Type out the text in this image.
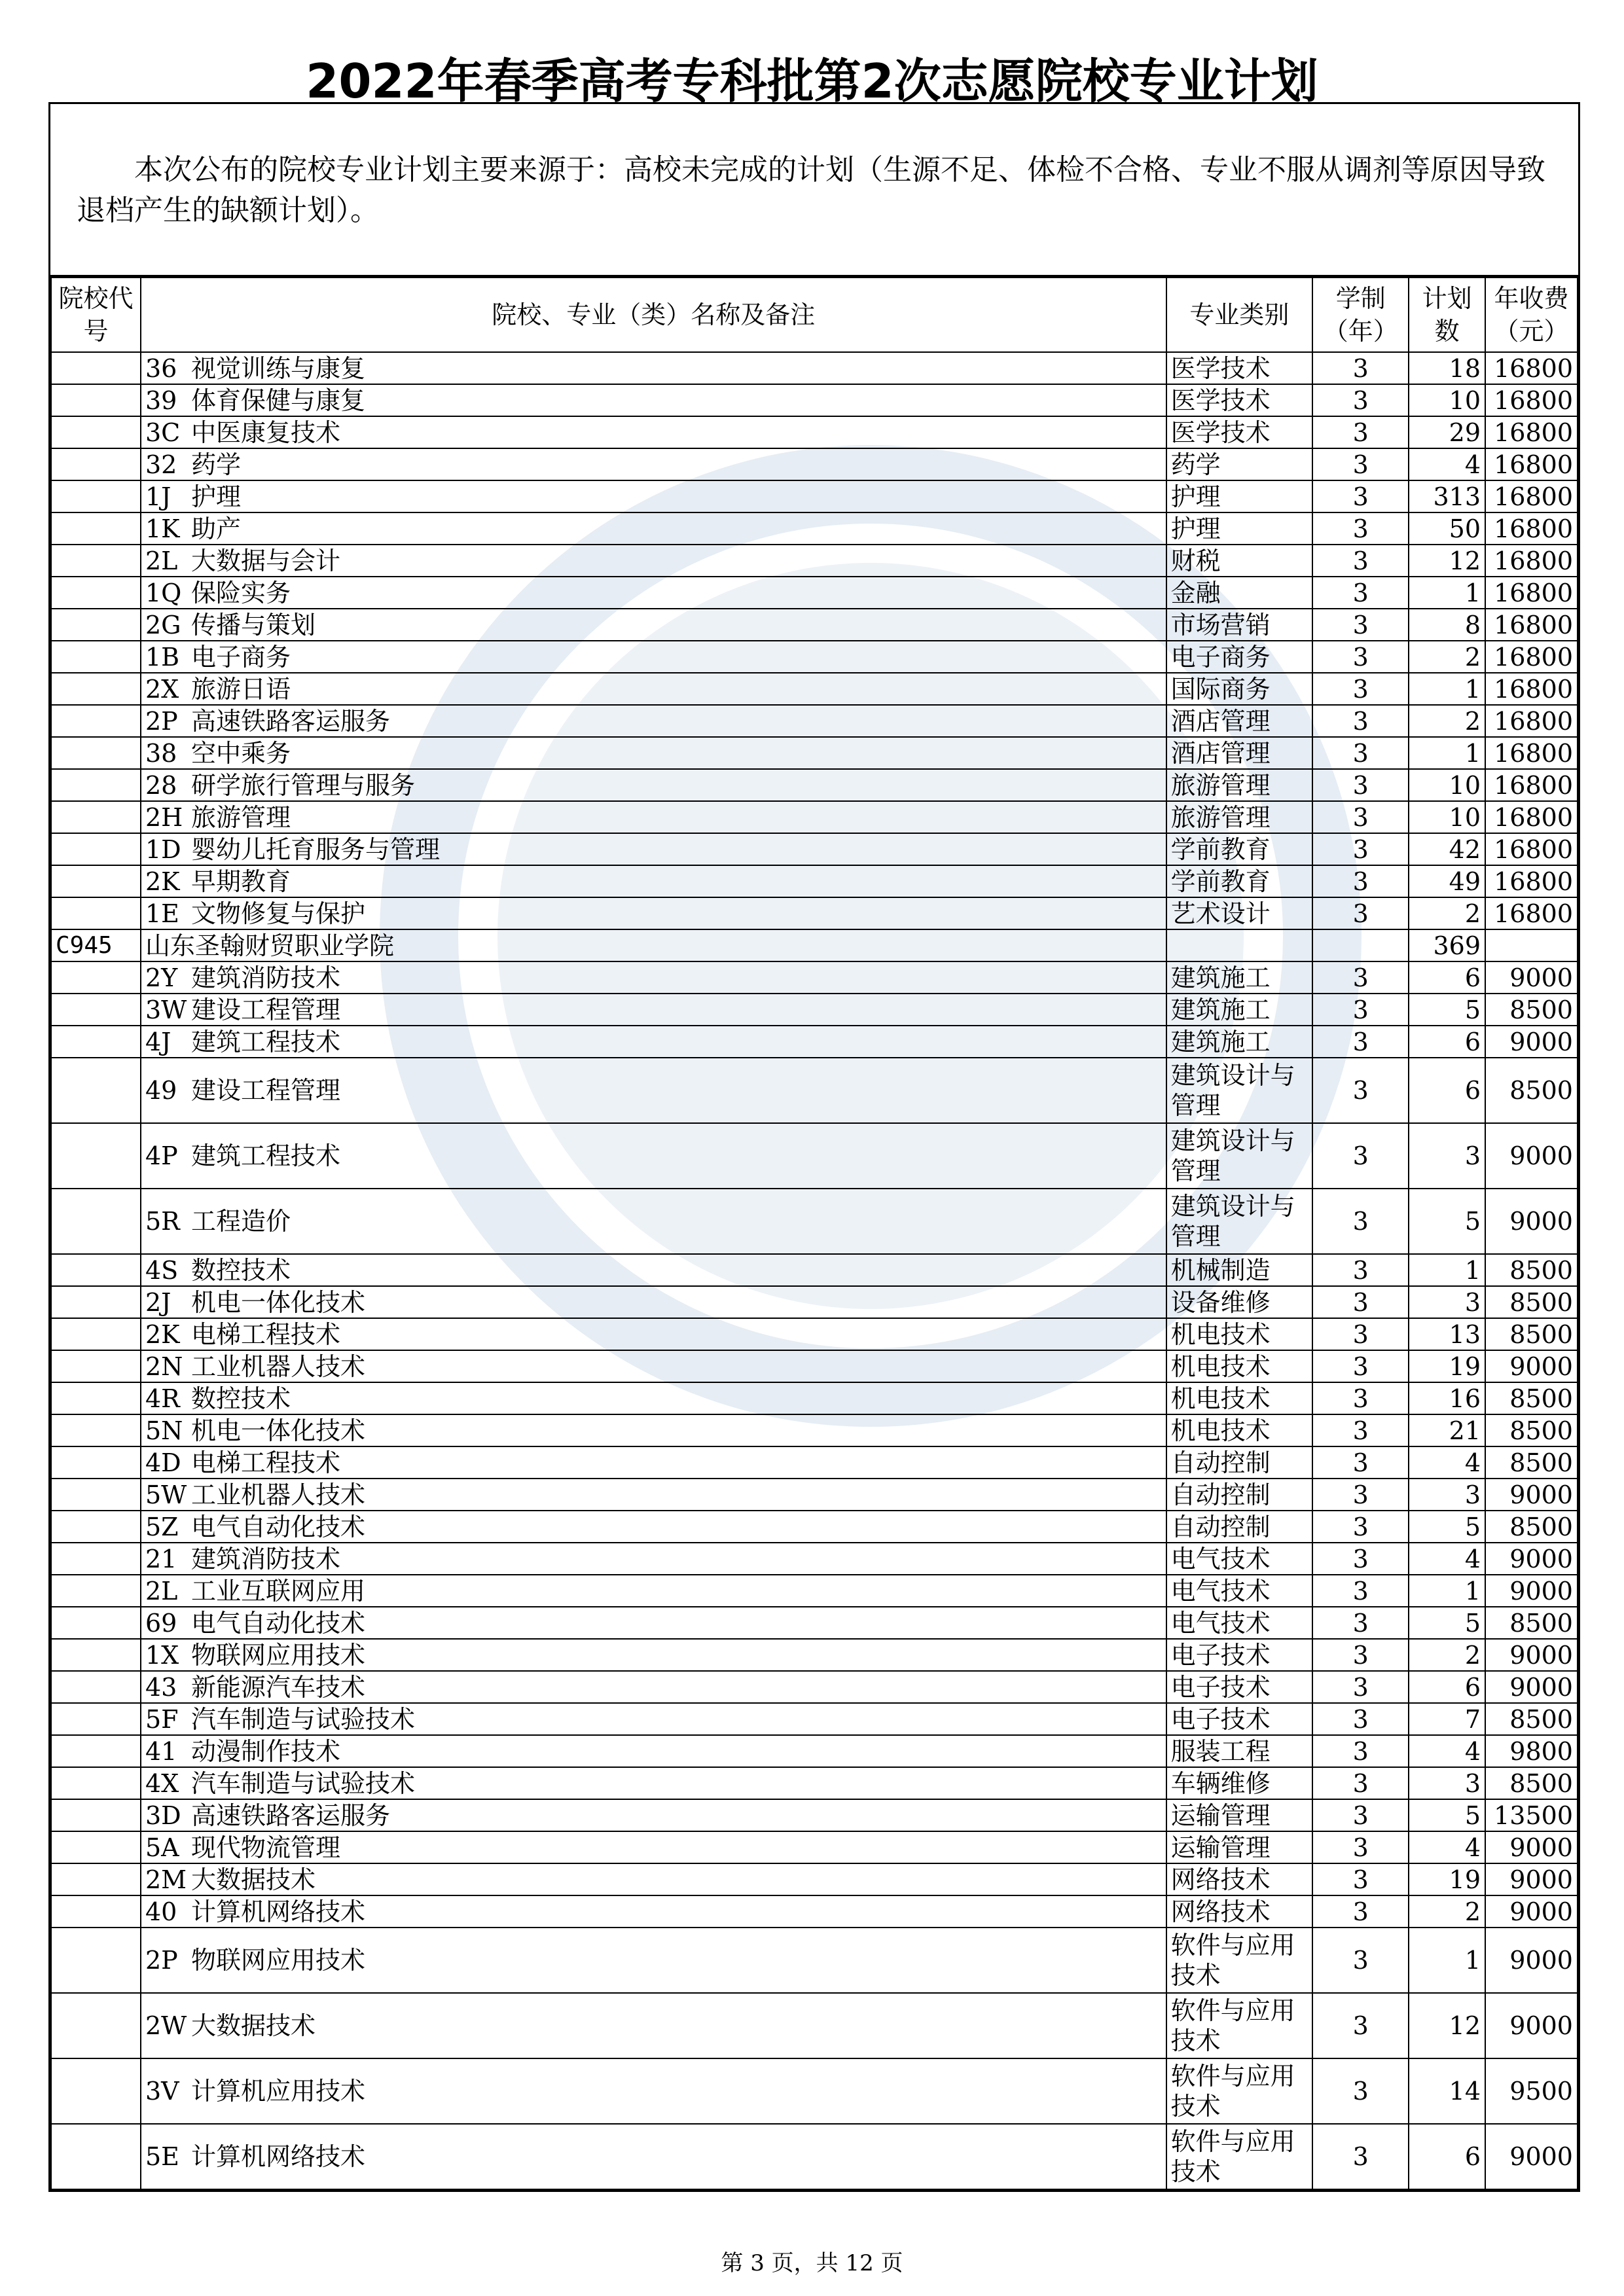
2022年春季高考专科批第2次志愿院校专业计划
本次公布的院校专业计划主要来源于：高校未完成的计划（生源不足、体检不合格、专业不服从调剂等原因导致退档产生的缺额计划）。
院校代号	院校、专业（类）名称及备注	专业类别	学制（年）	计划数	年收费（元）
	36 视觉训练与康复	医学技术	3	18	16800
	39 体育保健与康复	医学技术	3	10	16800
	3C 中医康复技术	医学技术	3	29	16800
	32 药学	药学	3	4	16800
	1J 护理	护理	3	313	16800
	1K 助产	护理	3	50	16800
	2L 大数据与会计	财税	3	12	16800
	1Q 保险实务	金融	3	1	16800
	2G 传播与策划	市场营销	3	8	16800
	1B 电子商务	电子商务	3	2	16800
	2X 旅游日语	国际商务	3	1	16800
	2P 高速铁路客运服务	酒店管理	3	2	16800
	38 空中乘务	酒店管理	3	1	16800
	28 研学旅行管理与服务	旅游管理	3	10	16800
	2H 旅游管理	旅游管理	3	10	16800
	1D 婴幼儿托育服务与管理	学前教育	3	42	16800
	2K 早期教育	学前教育	3	49	16800
	1E 文物修复与保护	艺术设计	3	2	16800
C945	山东圣翰财贸职业学院			369	
	2Y 建筑消防技术	建筑施工	3	6	9000
	3W 建设工程管理	建筑施工	3	5	8500
	4J 建筑工程技术	建筑施工	3	6	9000
	49 建设工程管理	建筑设计与管理	3	6	8500
	4P 建筑工程技术	建筑设计与管理	3	3	9000
	5R 工程造价	建筑设计与管理	3	5	9000
	4S 数控技术	机械制造	3	1	8500
	2J 机电一体化技术	设备维修	3	3	8500
	2K 电梯工程技术	机电技术	3	13	8500
	2N 工业机器人技术	机电技术	3	19	9000
	4R 数控技术	机电技术	3	16	8500
	5N 机电一体化技术	机电技术	3	21	8500
	4D 电梯工程技术	自动控制	3	4	8500
	5W 工业机器人技术	自动控制	3	3	9000
	5Z 电气自动化技术	自动控制	3	5	8500
	21 建筑消防技术	电气技术	3	4	9000
	2L 工业互联网应用	电气技术	3	1	9000
	69 电气自动化技术	电气技术	3	5	8500
	1X 物联网应用技术	电子技术	3	2	9000
	43 新能源汽车技术	电子技术	3	6	9000
	5F 汽车制造与试验技术	电子技术	3	7	8500
	41 动漫制作技术	服装工程	3	4	9800
	4X 汽车制造与试验技术	车辆维修	3	3	8500
	3D 高速铁路客运服务	运输管理	3	5	13500
	5A 现代物流管理	运输管理	3	4	9000
	2M 大数据技术	网络技术	3	19	9000
	40 计算机网络技术	网络技术	3	2	9000
	2P 物联网应用技术	软件与应用技术	3	1	9000
	2W 大数据技术	软件与应用技术	3	12	9000
	3V 计算机应用技术	软件与应用技术	3	14	9500
	5E 计算机网络技术	软件与应用技术	3	6	9000
第 3 页，共 12 页
